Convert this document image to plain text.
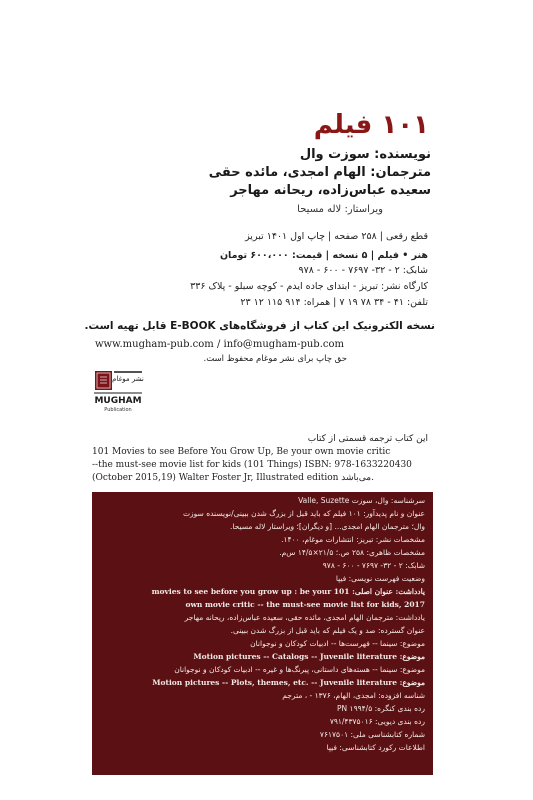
۱۰۱ فیلم
نویسنده: سوزت وال
مترجمان: الهام امجدی، مائده حقی
سعیده عباس‌زاده، ریحانه مهاجر
ویراستار: لاله مسیحا
قطع رقعی | ۲۵۸ صفحه | چاپ اول ۱۴۰۱ تبریز
هنر • فیلم | ۵ نسخه | قیمت: ۶۰۰،۰۰۰ تومان
شابک: ۲ - ۳۲- ۷۶۹۷ - ۶۰۰ - ۹۷۸
کارگاه نشر: تبریز - ابتدای جاده ایدم - کوچه سبلو - پلاک ۳۳۶
تلفن: ۴۱ - ۳۴ ۷۸ ۱۹ ۷ | همراه: ۹۱۴ ۱۱۵ ۱۲ ۲۳
نسخه الکترونیک این کتاب از فروشگاه‌های E-BOOK قابل تهیه است.
www.mugham-pub.com / info@mugham-pub.com
حق چاپ برای نشر موغام محفوظ است.
نشر موغام
MUGHAM
Publication
این کتاب ترجمه قسمتی از کتاب
101 Movies to see Before You Grow Up, Be your own movie critic
--the must-see movie list for kids (101 Things) ISBN: 978-1633220430
(October 2015,19) Walter Foster Jr, Illustrated edition می‌باشد.
سرشناسه: وال، سوزت Valle, Suzette
عنوان و نام پدیدآور: ۱۰۱ فیلم که باید قبل از بزرگ شدن ببینی/نویسنده سوزت
وال؛ مترجمان الهام امجدی... [و دیگران]؛ ویراستار لاله مسیحا.
مشخصات نشر: تبریز: انتشارات موغام، ۱۴۰۰.
مشخصات ظاهری: ۲۵۸ ص.؛ ۲۱/۵×۱۴/۵ س‌م.
شابک: ۲ - ۳۲- ۷۶۹۷ - ۶۰۰ - ۹۷۸
وضعیت فهرست نویسی: فیپا
یادداشت: عنوان اصلی: 101 movies to see before you grow up : be your
own movie critic -- the must-see movie list for kids, 2017
یادداشت: مترجمان الهام امجدی، مائده حقی، سعیده عباس‌زاده، ریحانه مهاجر
عنوان گسترده: صد و یک فیلم که باید قبل از بزرگ شدن ببینی.
موضوع: سینما -- فهرست‌ها -- ادبیات کودکان و نوجوانان
موضوع: Motion pictures -- Catalogs -- Juvenile literature
موضوع: سینما -- هسته‌های داستانی، پیرنگ‌ها و غیره -- ادبیات کودکان و نوجوانان
موضوع: Motion pictures -- Plots, themes, etc. -- Juvenile literature
شناسه افزوده: امجدی، الهام، ۱۳۷۶ - ، مترجم
رده بندی کنگره: PN ۱۹۹۴/۵
رده بندی دیویی: ۷۹۱/۴۳۷۵۰۱۶
شماره کتابشناسی ملی: ۷۶۱۷۵۰۱
اطلاعات رکورد کتابشناسی: فیپا
